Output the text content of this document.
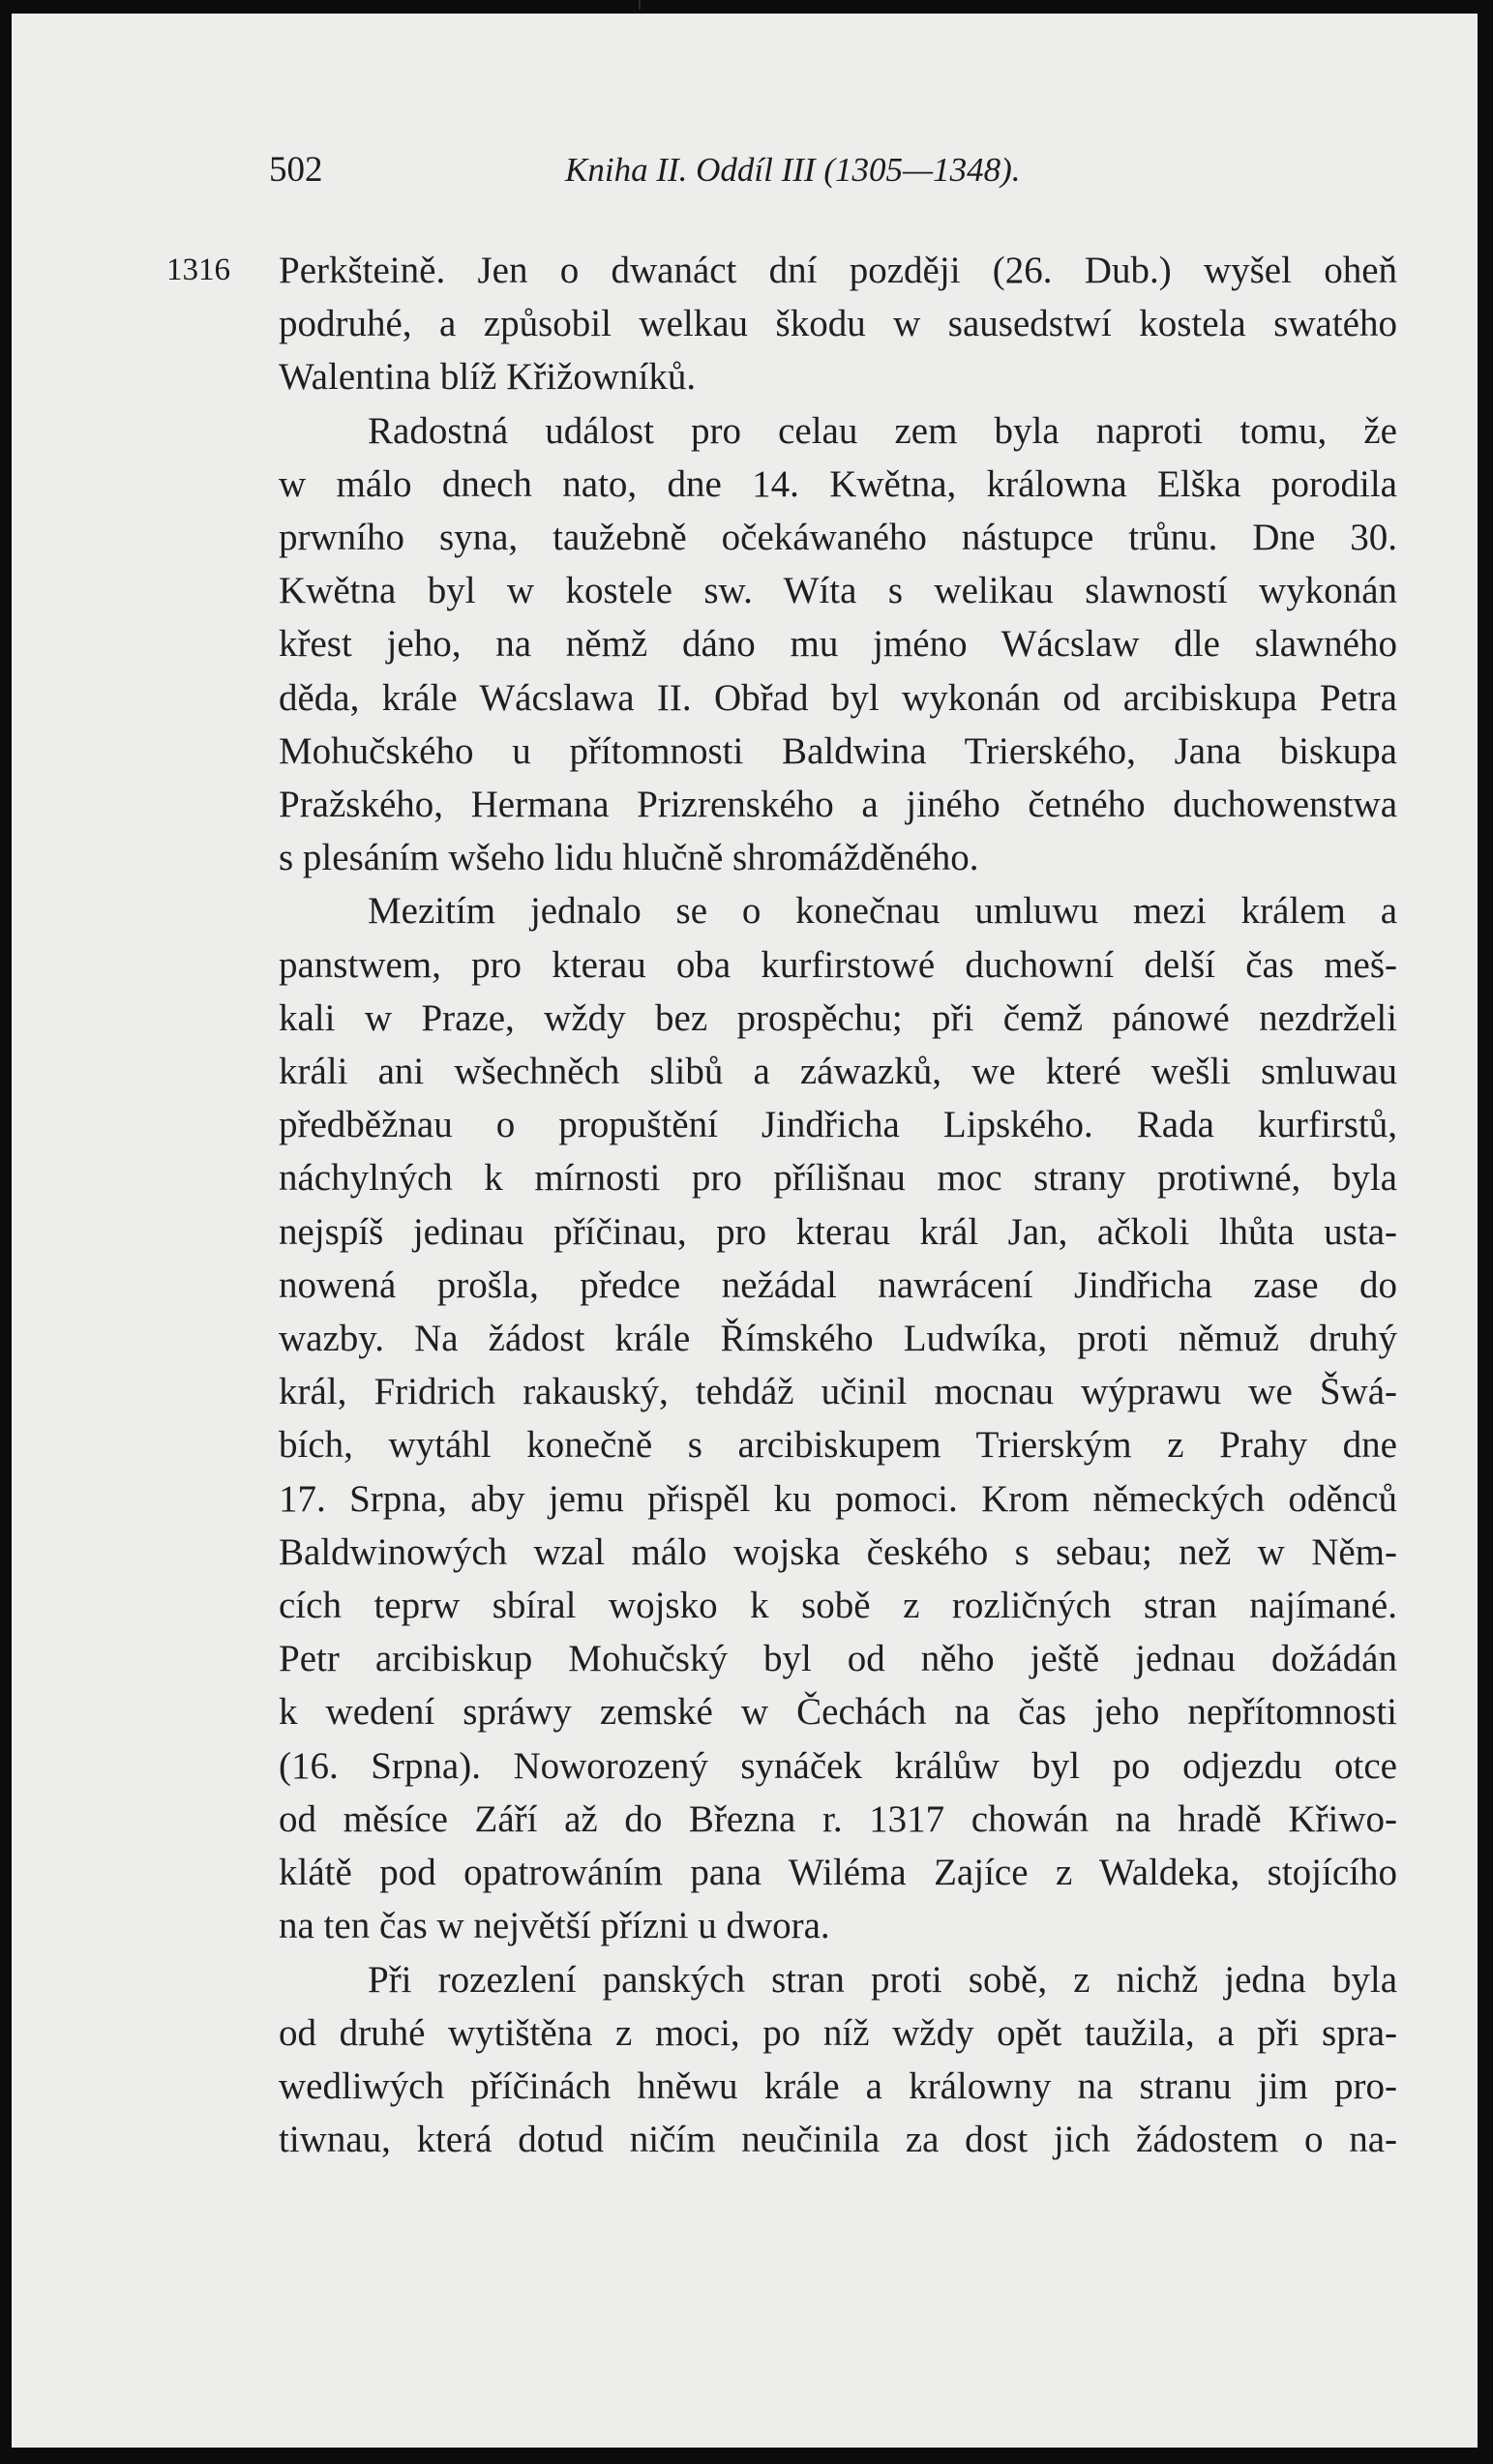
502	Kniha II. Oddíl III (1305—1348).
1316 Perkšteině. Jen o dwanáct dní později (26. Dub.) wyšel oheň

podruhé, a způsobil welkau škodu w sausedstwí kostela swatého

Walentina blíž Křižowníků.

Radostná událost pro celau zem byla naproti tomu, že

w málo dnech nato, dne 14. Kwětna, králowna Elška porodila

prwního syna, taužebně očekáwaného nástupce trůnu. Dne 30.

Kwětna byl w kostele sw. Wíta s welikau slawností wykonán

křest jeho, na němž dáno mu jméno Wácslaw dle slawného

děda, krále Wácslawa II. Obřad byl wykonán od arcibiskupa Petra

Mohučského u přítomnosti Baldwina Trierského, Jana biskupa

Pražského, Hermana Prizrenského a jiného četného duchowenstwa

s plesáním wšeho lidu hlučně shromážděného.

Mezitím jednalo se o konečnau umluwu mezi králem a

panstwem, pro kterau oba kurfirstowé duchowní delší čas meš-

kali w Praze, wždy bez prospěchu; při čemž pánowé nezdrželi

králi ani wšechněch slibů a záwazků, we které wešli smluwau

předběžnau o propuštění Jindřicha Lipského. Rada kurfirstů,

náchylných k mírnosti pro přílišnau moc strany protiwné, byla

nejspíš jedinau příčinau, pro kterau král Jan, ačkoli lhůta usta-

nowená prošla, předce nežádal nawrácení Jindřicha zase do

wazby. Na žádost krále Římského Ludwíka, proti němuž druhý

král, Fridrich rakauský, tehdáž učinil mocnau wýprawu we Šwá-

bích, wytáhl konečně s arcibiskupem Trierským z Prahy dne

17. Srpna, aby jemu přispěl ku pomoci. Krom německých oděnců

Baldwinowých wzal málo wojska českého s sebau; než w Něm-

cích teprw sbíral wojsko k sobě z rozličných stran najímané.

Petr arcibiskup Mohučský byl od něho ještě jednau dožádán

k wedení spráwy zemské w Čechách na čas jeho nepřítomnosti

(16. Srpna). Noworozený synáček králůw byl po odjezdu otce

od měsíce Září až do Března r. 1317 chowán na hradě Křiwo-

klátě pod opatrowáním pana Wiléma Zajíce z Waldeka, stojícího

na ten čas w největší přízni u dwora.

Při rozezlení panských stran proti sobě, z nichž jedna byla

od druhé wytištěna z moci, po níž wždy opět taužila, a při spra-

wedliwých příčinách hněwu krále a králowny na stranu jim pro-

tiwnau, která dotud ničím neučinila za dost jich žádostem o na-
